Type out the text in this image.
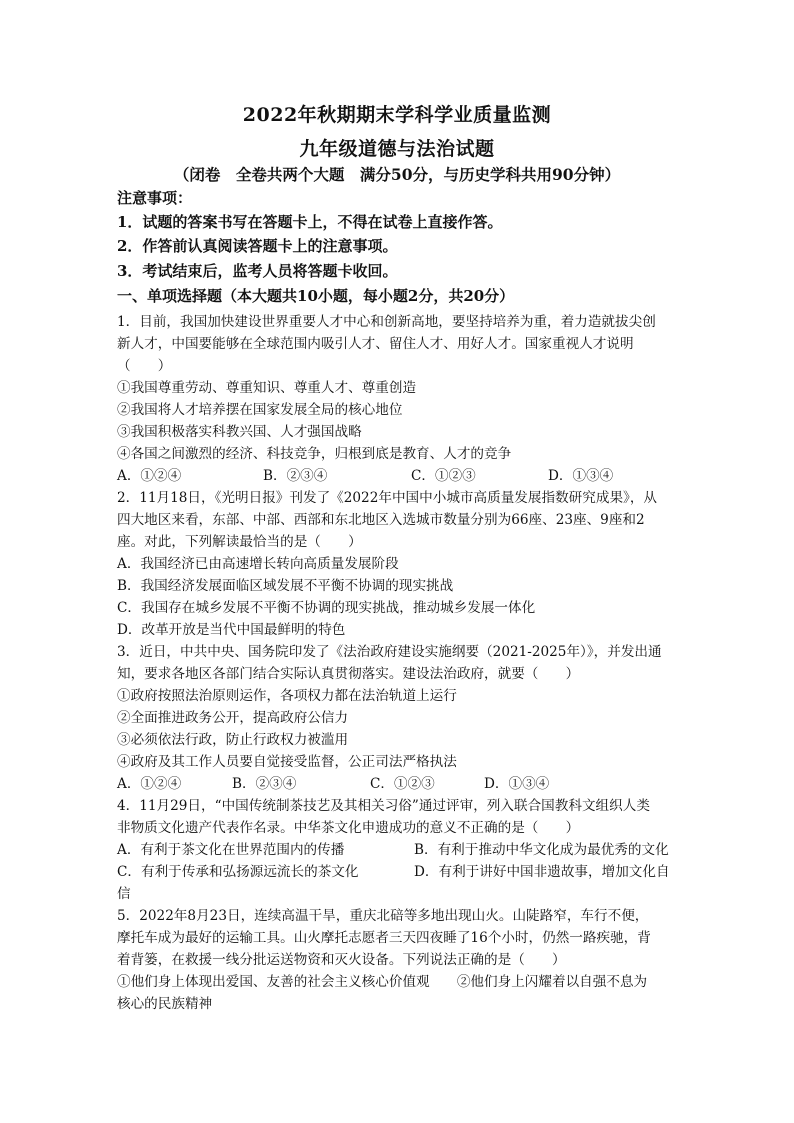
2022年秋期期末学科学业质量监测
九年级道德与法治试题
（闭卷　全卷共两个大题　满分50分，与历史学科共用90分钟）
注意事项：
1．试题的答案书写在答题卡上，不得在试卷上直接作答。
2．作答前认真阅读答题卡上的注意事项。
3．考试结束后，监考人员将答题卡收回。
一、单项选择题（本大题共10小题，每小题2分，共20分）
1．目前，我国加快建设世界重要人才中心和创新高地，要坚持培养为重，着力造就拔尖创
新人才，中国要能够在全球范围内吸引人才、留住人才、用好人才。国家重视人才说明
（　　）
①我国尊重劳动、尊重知识、尊重人才、尊重创造
②我国将人才培养摆在国家发展全局的核心地位
③我国积极落实科教兴国、人才强国战略
④各国之间激烈的经济、科技竞争，归根到底是教育、人才的竞争
A．①②④	B．②③④	C．①②③	D．①③④
2．11月18日，《光明日报》刊发了《2022年中国中小城市高质量发展指数研究成果》，从
四大地区来看，东部、中部、西部和东北地区入选城市数量分别为66座、23座、9座和2
座。对此，下列解读最恰当的是（　　）
A．我国经济已由高速增长转向高质量发展阶段
B．我国经济发展面临区域发展不平衡不协调的现实挑战
C．我国存在城乡发展不平衡不协调的现实挑战，推动城乡发展一体化
D．改革开放是当代中国最鲜明的特色
3．近日，中共中央、国务院印发了《法治政府建设实施纲要（2021-2025年）》，并发出通
知，要求各地区各部门结合实际认真贯彻落实。建设法治政府，就要（　　）
①政府按照法治原则运作，各项权力都在法治轨道上运行
②全面推进政务公开，提高政府公信力
③必须依法行政，防止行政权力被滥用
④政府及其工作人员要自觉接受监督，公正司法严格执法
A．①②④	B．②③④	C．①②③	D．①③④
4．11月29日，“中国传统制茶技艺及其相关习俗”通过评审，列入联合国教科文组织人类
非物质文化遗产代表作名录。中华茶文化申遗成功的意义不正确的是（　　）
A．有利于茶文化在世界范围内的传播	B．有利于推动中华文化成为最优秀的文化
C．有利于传承和弘扬源远流长的茶文化	D．有利于讲好中国非遗故事，增加文化自
信
5．2022年8月23日，连续高温干旱，重庆北碚等多地出现山火。山陡路窄，车行不便，
摩托车成为最好的运输工具。山火摩托志愿者三天四夜睡了16个小时，仍然一路疾驰，背
着背篓，在救援一线分批运送物资和灭火设备。下列说法正确的是（　　）
①他们身上体现出爱国、友善的社会主义核心价值观　　②他们身上闪耀着以自强不息为
核心的民族精神
